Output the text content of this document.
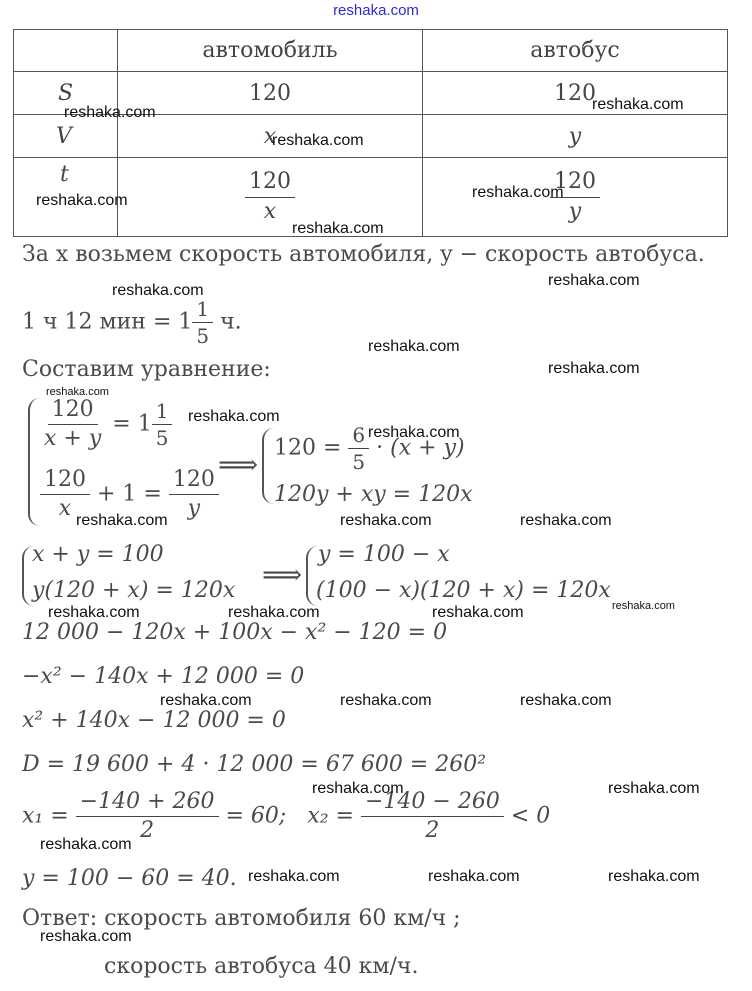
reshaka.com
	автомобиль	автобус
S	120	120
V	x	y
t	$\frac{120}{x}$	$\frac{120}{y}$
За x возьмем скорость автомобиля, y − скорость автобуса.
1 ч 12 мин = $1 \frac{1}{5} ч$.
Составим уравнение:
$\frac{120}{x + y} = 1 \frac{1}{5}$
$\frac{120}{x} + 1 = \frac{120}{y}$
⟹ $120 = \frac{6}{5} \cdot (x + y)$
120y + xy = 120x
x + y = 100
y(120 + x) = 120x ⟹
y = 100 − x
(100 − x)(120 + x) = 120x
12 000 − 120x + 100x − x² − 120 = 0
−x² − 140x + 12 000 = 0
x² + 140x − 12 000 = 0
D = 19 600 + 4 · 12 000 = 67 600 = 260²
$x_1 = \frac{-140 + 260}{2} = 60$; $x_2 = \frac{-140 - 260}{2} < 0$
y = 100 − 60 = 40.
Ответ: скорость автомобиля 60 км/ч ;
скорость автобуса 40 км/ч.
reshaka.com
reshaka.com
reshaka.com
reshaka.com
reshaka.com
reshaka.com
reshaka.com
reshaka.com
reshaka.com
reshaka.com
reshaka.com
reshaka.com
reshaka.com
reshaka.com	reshaka.com	reshaka.com
reshaka.com	reshaka.com	reshaka.com	reshaka.com
reshaka.com	reshaka.com	reshaka.com
reshaka.com	reshaka.com
reshaka.com
reshaka.com	reshaka.com	reshaka.com
reshaka.com
